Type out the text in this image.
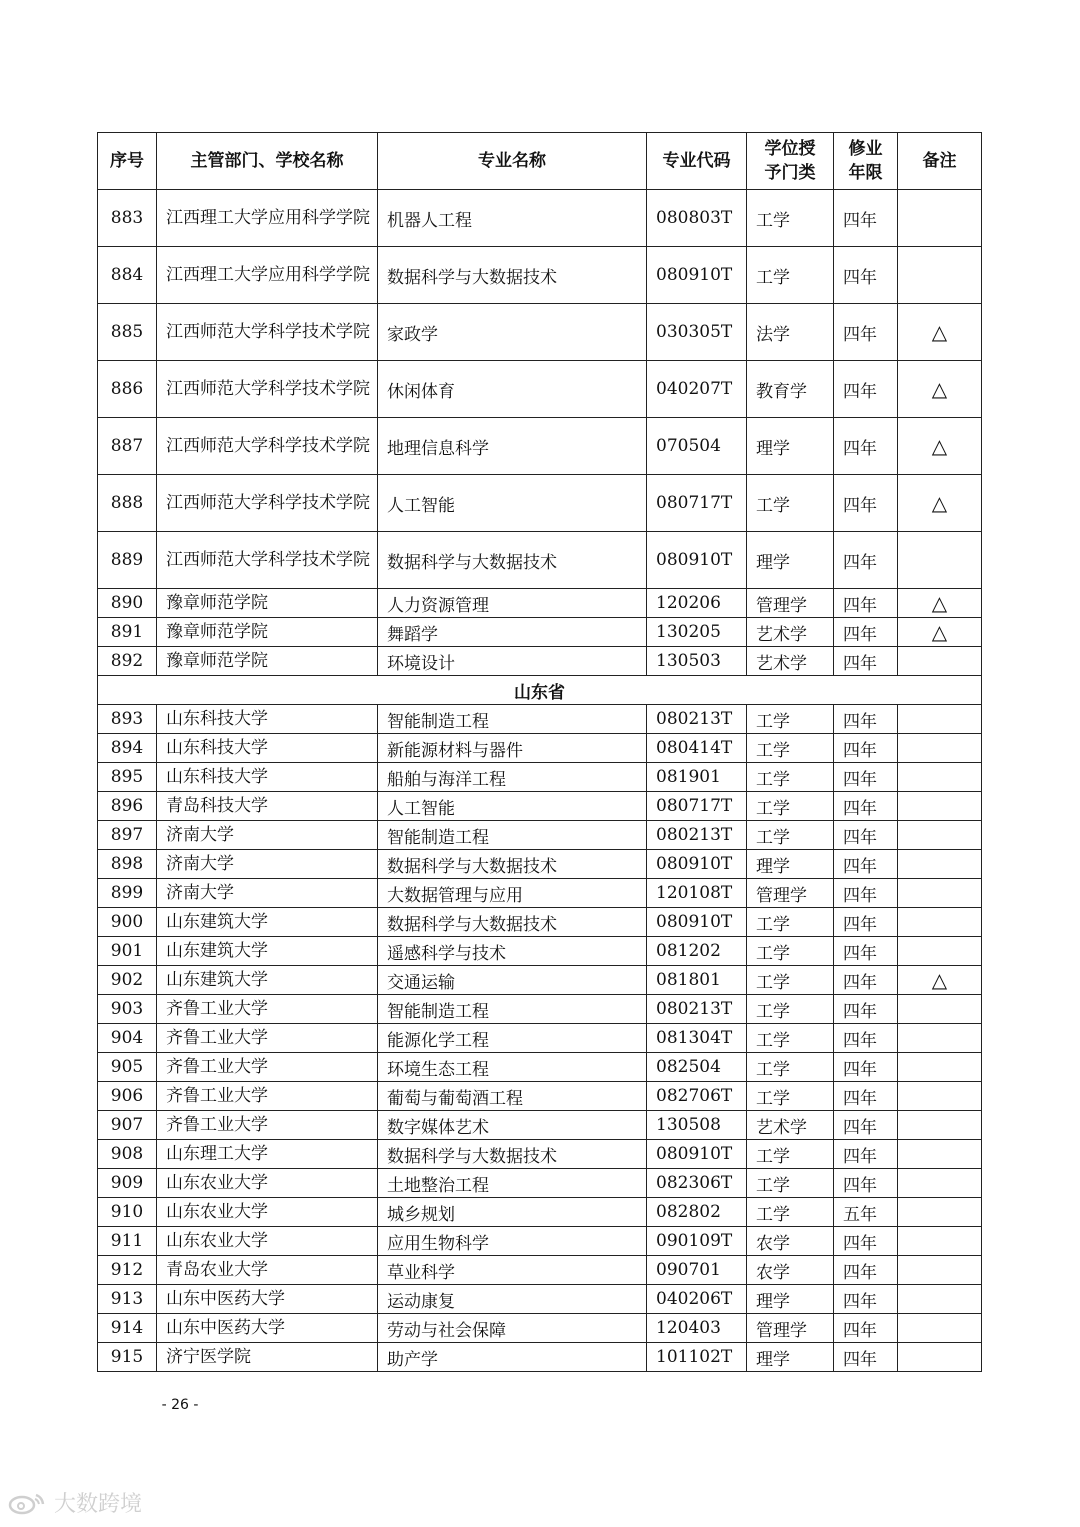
序号	主管部门、学校名称	专业名称	专业代码	学位授
予门类	修业
年限	备注
883	江西理工大学应用科学学院	机器人工程	080803T	工学	四年	
884	江西理工大学应用科学学院	数据科学与大数据技术	080910T	工学	四年	
885	江西师范大学科学技术学院	家政学	030305T	法学	四年	△
886	江西师范大学科学技术学院	休闲体育	040207T	教育学	四年	△
887	江西师范大学科学技术学院	地理信息科学	070504	理学	四年	△
888	江西师范大学科学技术学院	人工智能	080717T	工学	四年	△
889	江西师范大学科学技术学院	数据科学与大数据技术	080910T	理学	四年	
890	豫章师范学院	人力资源管理	120206	管理学	四年	△
891	豫章师范学院	舞蹈学	130205	艺术学	四年	△
892	豫章师范学院	环境设计	130503	艺术学	四年	
山东省						
893	山东科技大学	智能制造工程	080213T	工学	四年	
894	山东科技大学	新能源材料与器件	080414T	工学	四年	
895	山东科技大学	船舶与海洋工程	081901	工学	四年	
896	青岛科技大学	人工智能	080717T	工学	四年	
897	济南大学	智能制造工程	080213T	工学	四年	
898	济南大学	数据科学与大数据技术	080910T	理学	四年	
899	济南大学	大数据管理与应用	120108T	管理学	四年	
900	山东建筑大学	数据科学与大数据技术	080910T	工学	四年	
901	山东建筑大学	遥感科学与技术	081202	工学	四年	
902	山东建筑大学	交通运输	081801	工学	四年	△
903	齐鲁工业大学	智能制造工程	080213T	工学	四年	
904	齐鲁工业大学	能源化学工程	081304T	工学	四年	
905	齐鲁工业大学	环境生态工程	082504	工学	四年	
906	齐鲁工业大学	葡萄与葡萄酒工程	082706T	工学	四年	
907	齐鲁工业大学	数字媒体艺术	130508	艺术学	四年	
908	山东理工大学	数据科学与大数据技术	080910T	工学	四年	
909	山东农业大学	土地整治工程	082306T	工学	四年	
910	山东农业大学	城乡规划	082802	工学	五年	
911	山东农业大学	应用生物科学	090109T	农学	四年	
912	青岛农业大学	草业科学	090701	农学	四年	
913	山东中医药大学	运动康复	040206T	理学	四年	
914	山东中医药大学	劳动与社会保障	120403	管理学	四年	
915	济宁医学院	助产学	101102T	理学	四年	
- 26 -
大数跨境
